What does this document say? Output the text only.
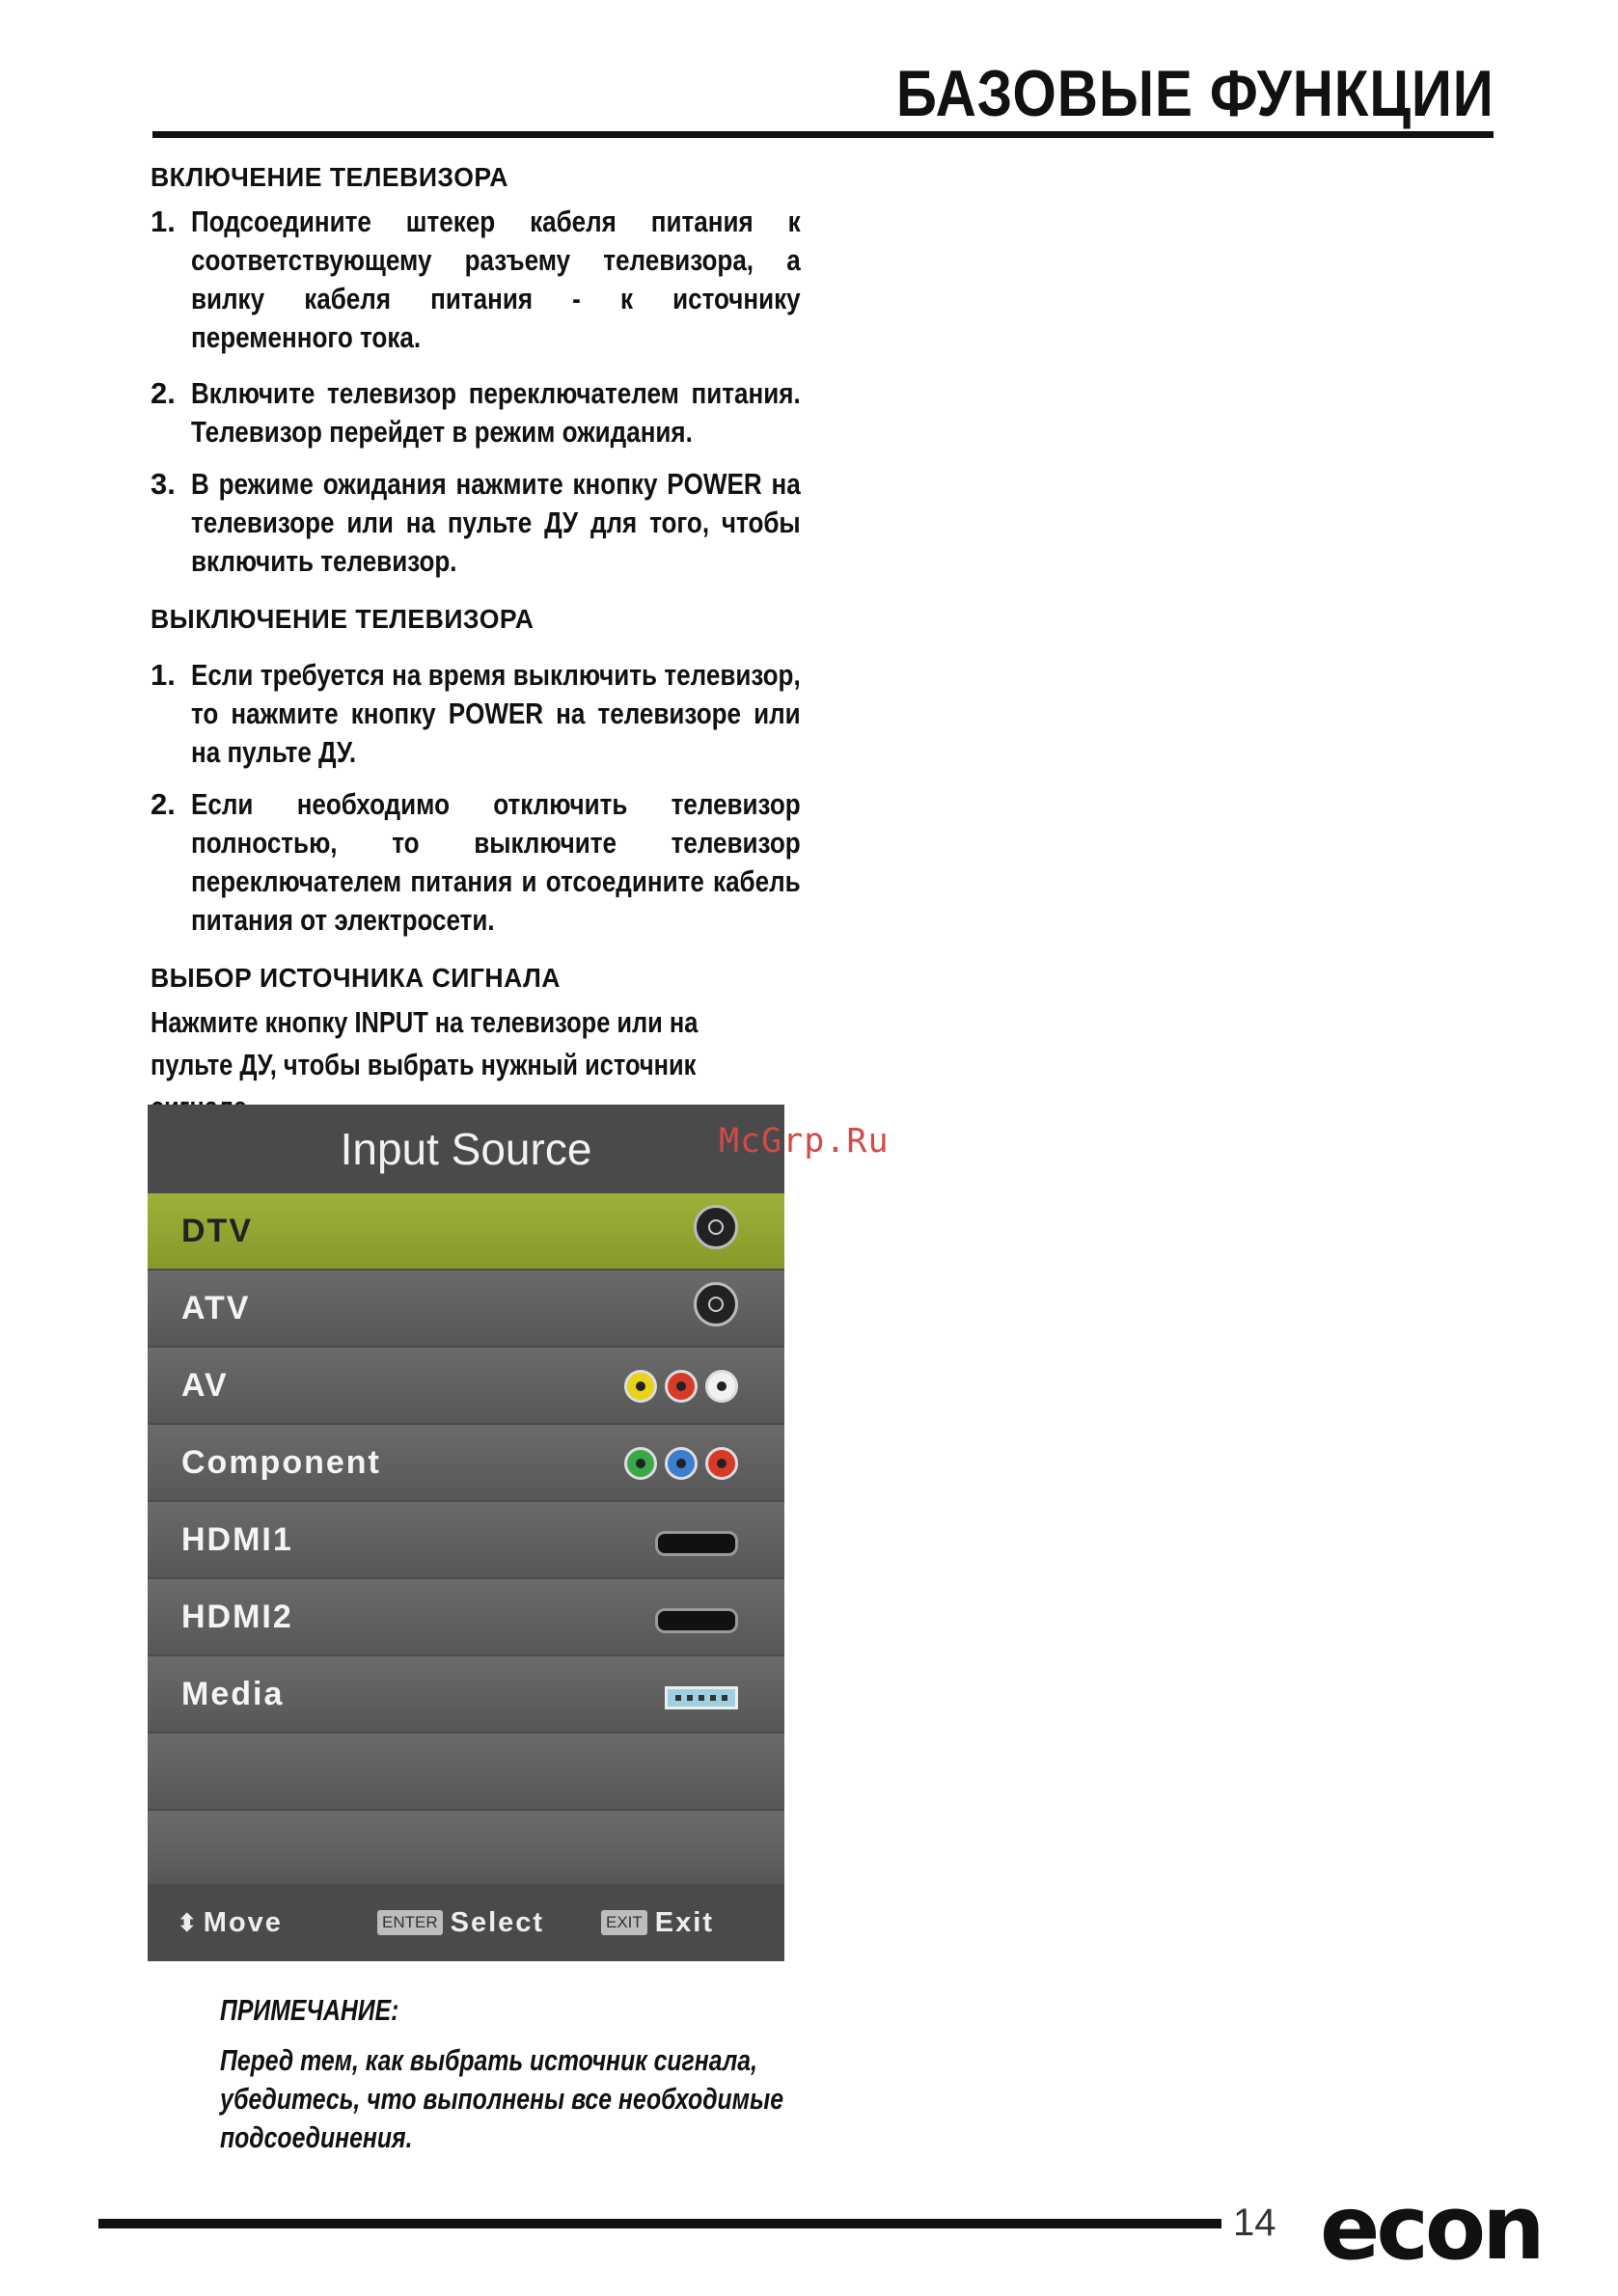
БАЗОВЫЕ ФУНКЦИИ
ВКЛЮЧЕНИЕ ТЕЛЕВИЗОРА
1. Подсоедините штекер кабеля питания к соответствующему разъему телевизора, а вилку кабеля питания - к источнику переменного тока.
2. Включите телевизор переключателем питания. Телевизор перейдет в режим ожидания.
3. В режиме ожидания нажмите кнопку POWER на телевизоре или на пульте ДУ для того, чтобы включить телевизор.
ВЫКЛЮЧЕНИЕ ТЕЛЕВИЗОРА
1. Если требуется на время выключить телевизор, то нажмите кнопку POWER на телевизоре или на пульте ДУ.
2. Если необходимо отключить телевизор полностью, то выключите телевизор переключателем питания и отсоедините кабель питания от электросети.
ВЫБОР ИСТОЧНИКА СИГНАЛА
Нажмите кнопку INPUT на телевизоре или на пульте ДУ, чтобы выбрать нужный источник
Input Source
DTV
ATV
AV
Component
HDMI1
HDMI2
Media
⬍ Move	ENTER Select	EXIT Exit
McGrp.Ru
ПРИМЕЧАНИЕ:
Перед тем, как выбрать источник сигнала, убедитесь, что выполнены все необходимые подсоединения.
14 econ
